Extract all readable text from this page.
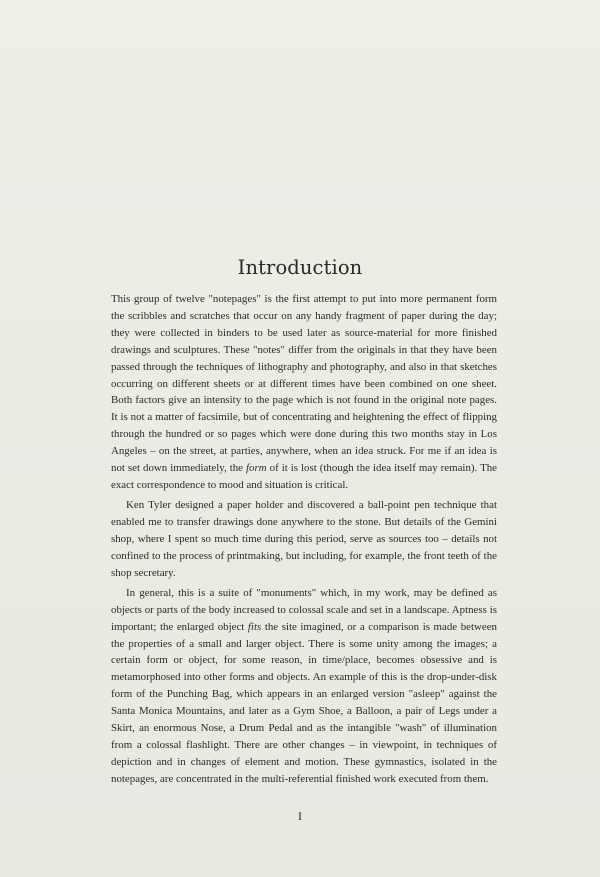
Introduction

This group of twelve "notepages" is the first attempt to put into more permanent form the scribbles and scratches that occur on any handy fragment of paper during the day; they were collected in binders to be used later as source-material for more finished drawings and sculptures. These "notes" differ from the originals in that they have been passed through the techniques of lithography and photography, and also in that sketches occurring on different sheets or at different times have been combined on one sheet. Both factors give an intensity to the page which is not found in the original note pages. It is not a matter of facsimile, but of concentrating and heightening the effect of flipping through the hundred or so pages which were done during this two months stay in Los Angeles – on the street, at parties, anywhere, when an idea struck. For me if an idea is not set down immediately, the form of it is lost (though the idea itself may remain). The exact correspondence to mood and situation is critical.

Ken Tyler designed a paper holder and discovered a ball-point pen technique that enabled me to transfer drawings done anywhere to the stone. But details of the Gemini shop, where I spent so much time during this period, serve as sources too – details not confined to the process of printmaking, but including, for example, the front teeth of the shop secretary.

In general, this is a suite of "monuments" which, in my work, may be defined as objects or parts of the body increased to colossal scale and set in a landscape. Aptness is important; the enlarged object fits the site imagined, or a comparison is made between the properties of a small and larger object. There is some unity among the images; a certain form or object, for some reason, in time/place, becomes obsessive and is metamorphosed into other forms and objects. An example of this is the drop-under-disk form of the Punching Bag, which appears in an enlarged version "asleep" against the Santa Monica Mountains, and later as a Gym Shoe, a Balloon, a pair of Legs under a Skirt, an enormous Nose, a Drum Pedal and as the intangible "wash" of illumination from a colossal flashlight. There are other changes – in viewpoint, in techniques of depiction and in changes of element and motion. These gymnastics, isolated in the notepages, are concentrated in the multi-referential finished work executed from them.

I
